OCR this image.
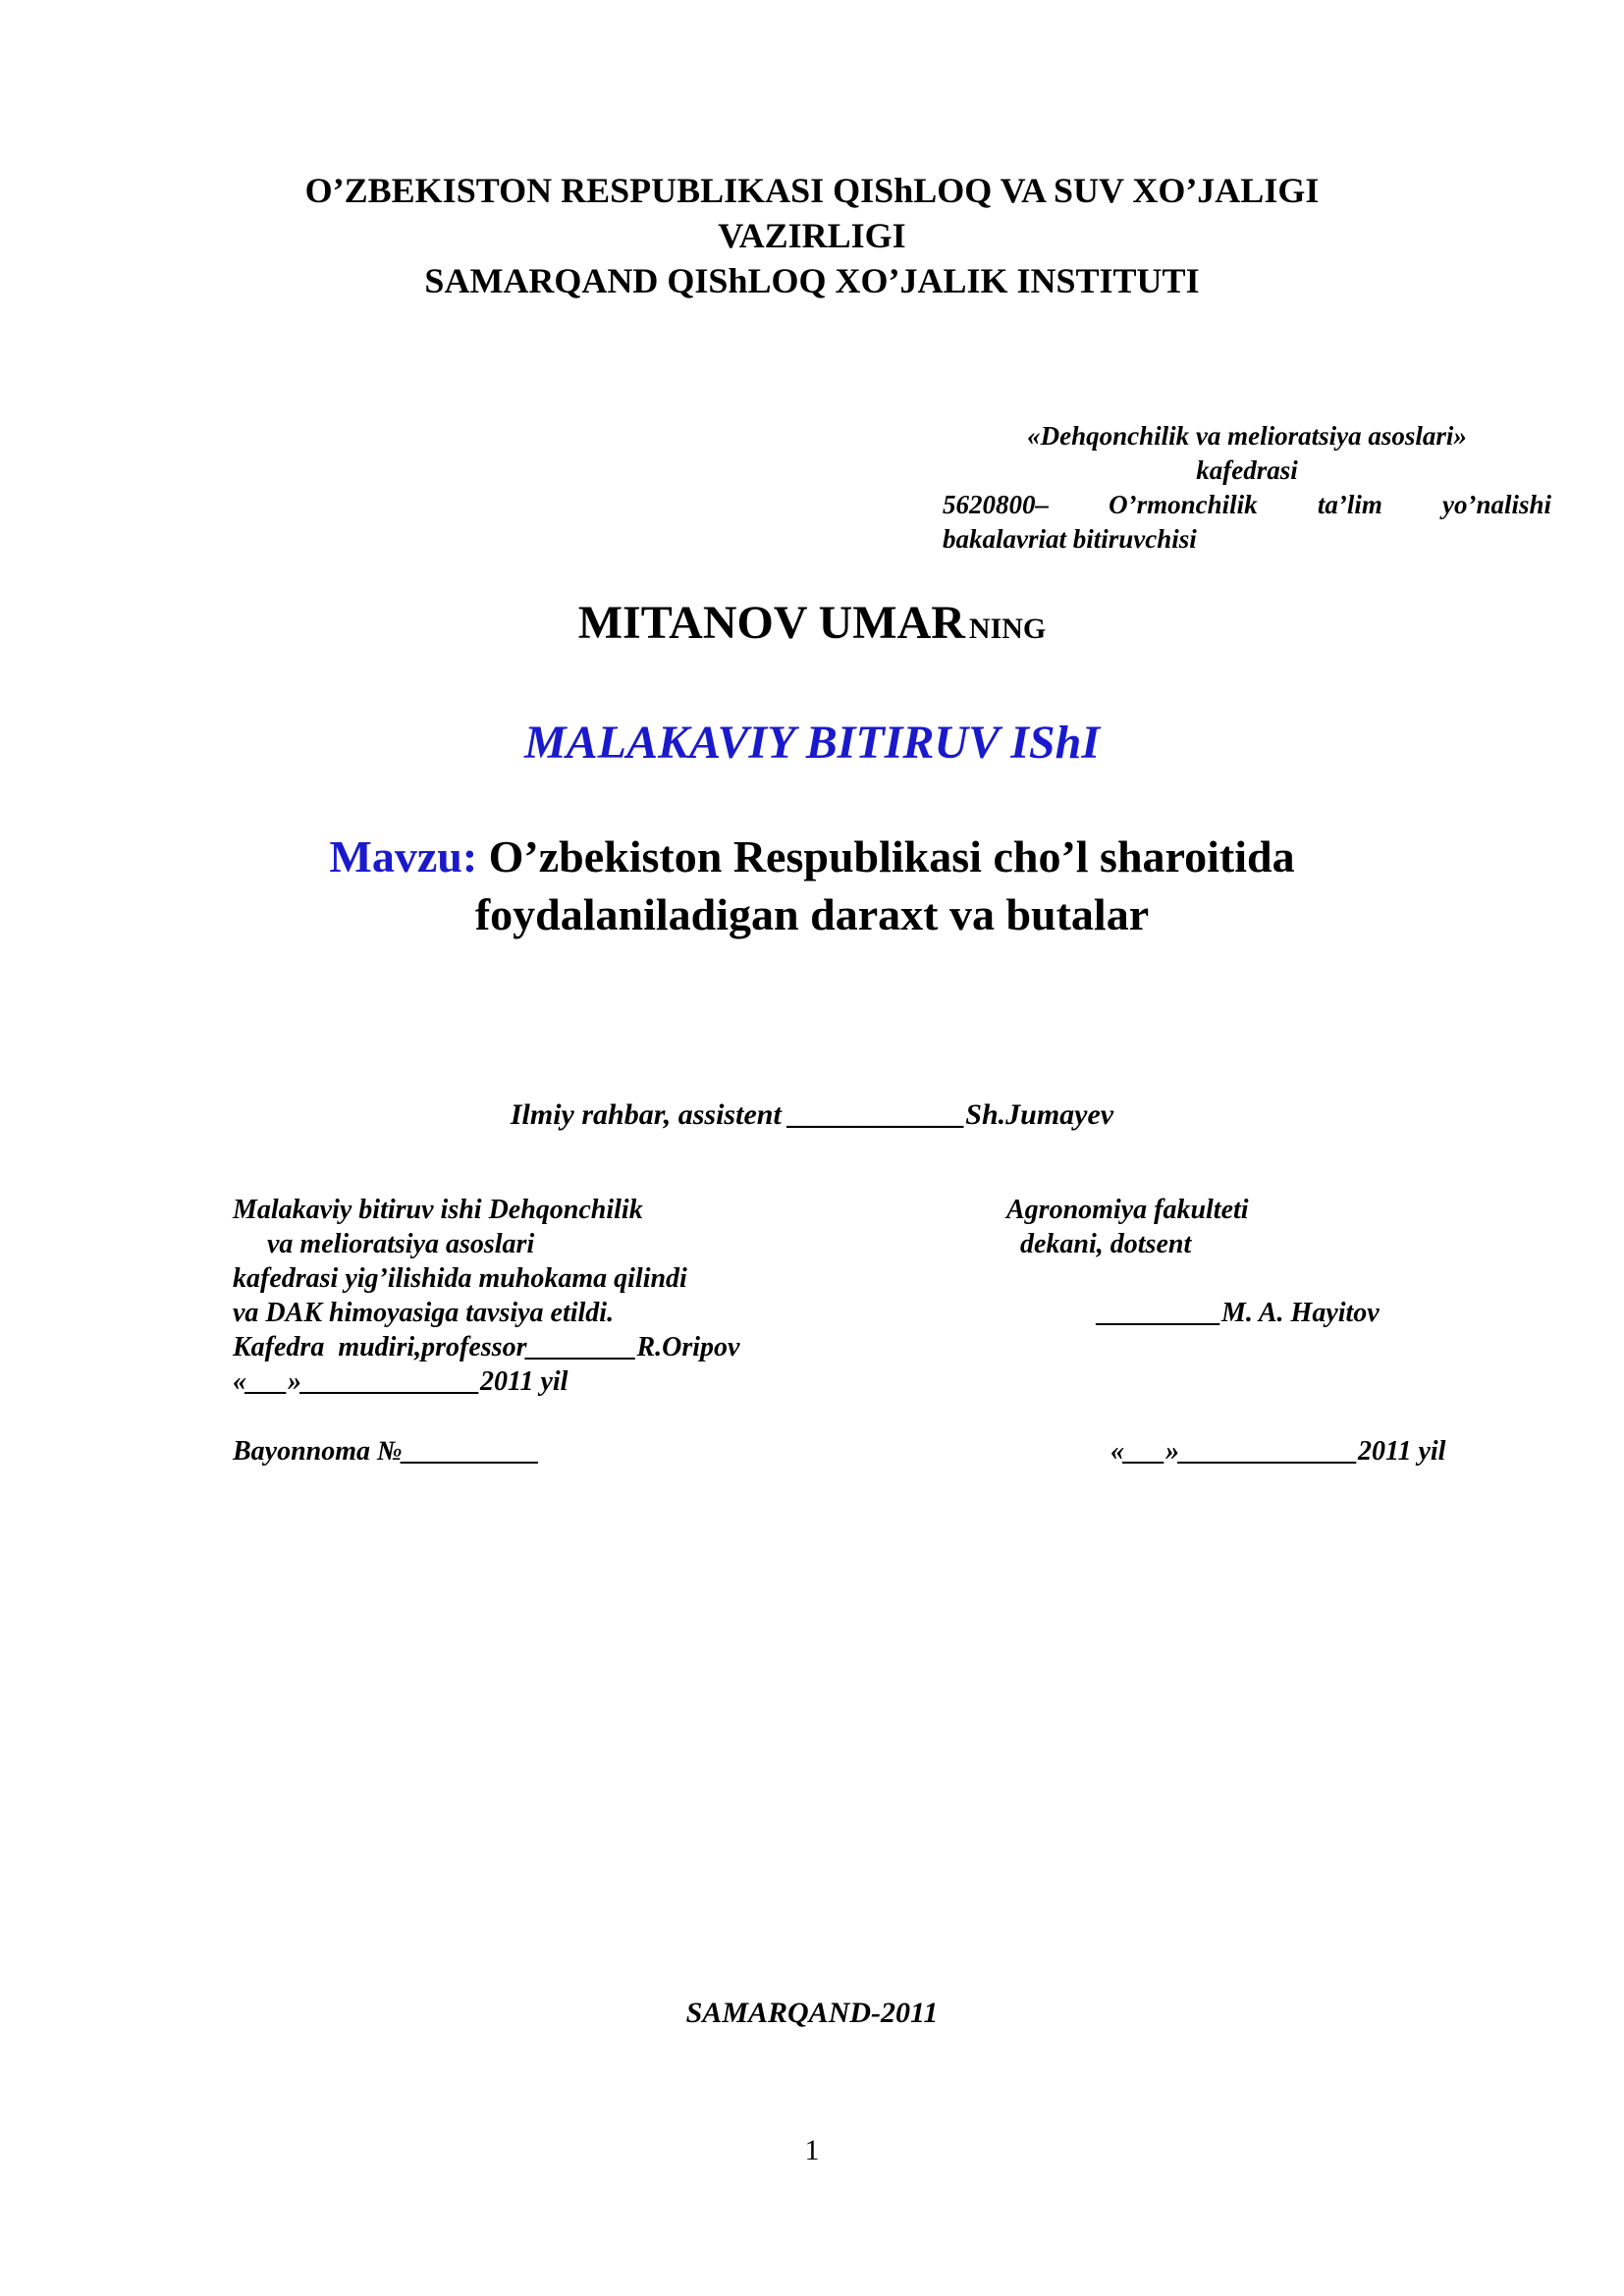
O’ZBEKISTON RESPUBLIKASI QIShLOQ VA SUV XO’JALIGI
VAZIRLIGI
SAMARQAND QIShLOQ XO’JALIK INSTITUTI
«Dehqonchilik va melioratsiya asoslari»
kafedrasi
5620800– O’rmonchilik ta’lim yo’nalishi
bakalavriat bitiruvchisi
MITANOV UMAR NING
MALAKAVIY BITIRUV IShI
Mavzu: O’zbekiston Respublikasi cho’l sharoitida
foydalaniladigan daraxt va butalar
Ilmiy rahbar, assistent ____________Sh.Jumayev
Malakaviy bitiruv ishi Dehqonchilik
va melioratsiya asoslari
kafedrasi yig’ilishida muhokama qilindi
va DAK himoyasiga tavsiya etildi.
Kafedra  mudiri,professor________R.Oripov
«___»_____________2011 yil
Bayonnoma №__________
Agronomiya fakulteti
dekani, dotsent
_________M. A. Hayitov
«___»_____________2011 yil
SAMARQAND-2011
1
